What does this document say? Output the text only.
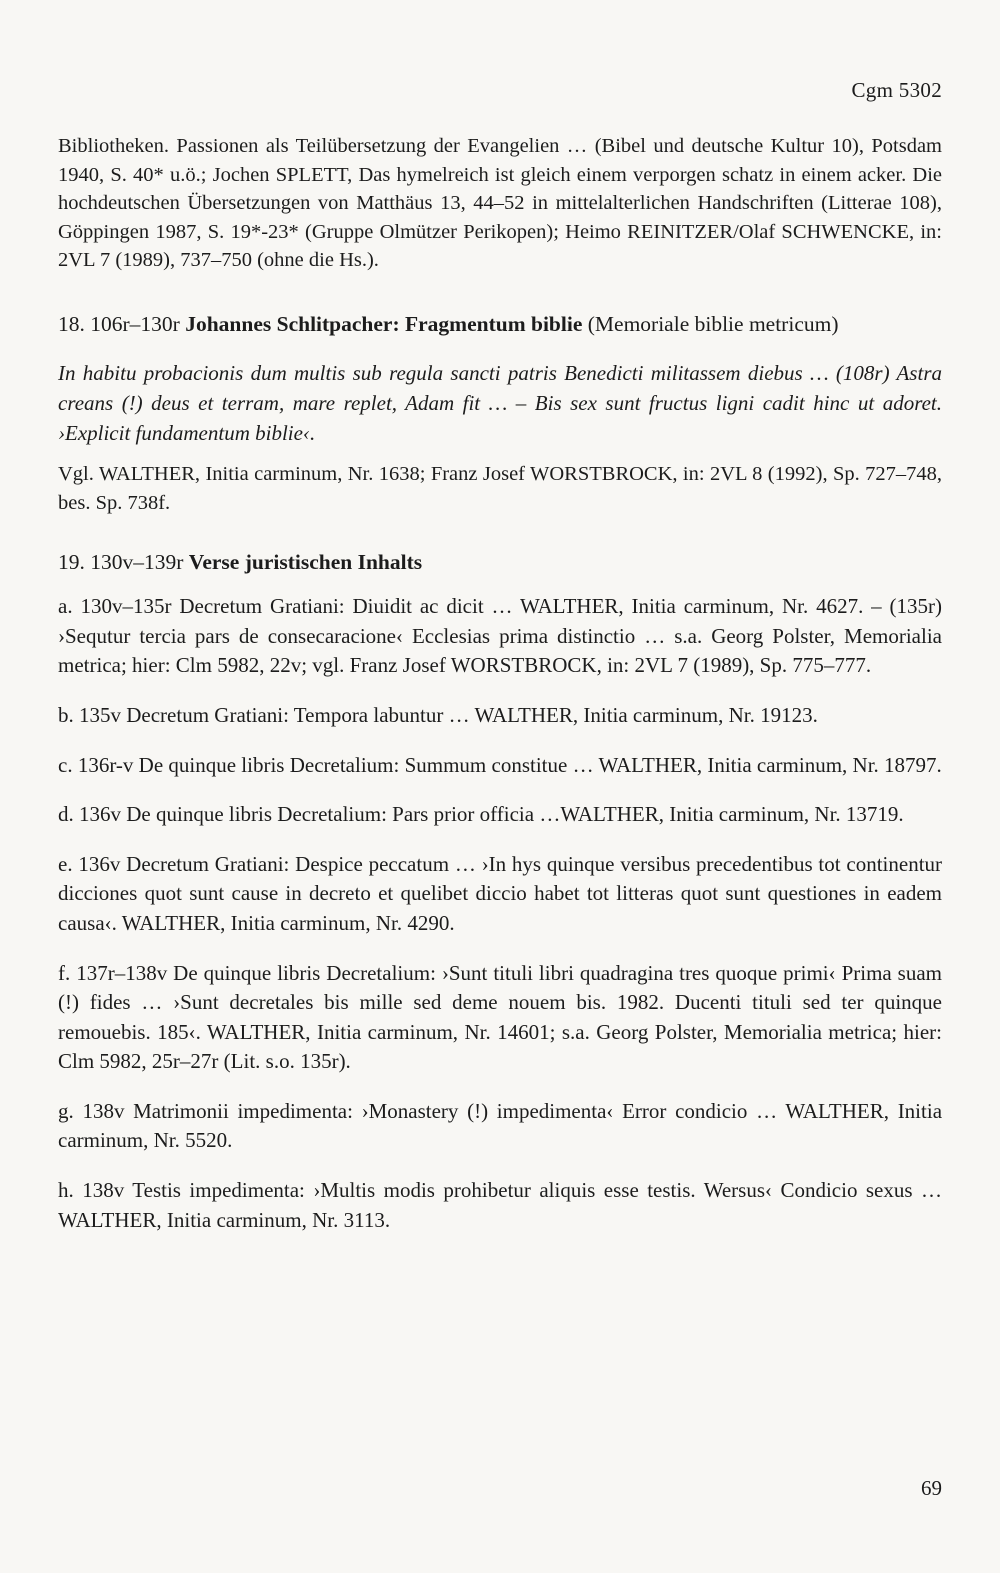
Cgm 5302

Bibliotheken. Passionen als Teilübersetzung der Evangelien … (Bibel und deutsche Kultur 10), Potsdam 1940, S. 40* u.ö.; Jochen SPLETT, Das hymelreich ist gleich einem verporgen schatz in einem acker. Die hochdeutschen Übersetzungen von Matthäus 13, 44–52 in mittelalterlichen Handschriften (Litterae 108), Göppingen 1987, S. 19*-23* (Gruppe Olmützer Perikopen); Heimo REINITZER/Olaf SCHWENCKE, in: 2VL 7 (1989), 737–750 (ohne die Hs.).

18. 106r–130r Johannes Schlitpacher: Fragmentum biblie (Memoriale biblie metricum)

In habitu probacionis dum multis sub regula sancti patris Benedicti militassem diebus … (108r) Astra creans (!) deus et terram, mare replet, Adam fit … – Bis sex sunt fructus ligni cadit hinc ut adoret. ›Explicit fundamentum biblie‹.

Vgl. WALTHER, Initia carminum, Nr. 1638; Franz Josef WORSTBROCK, in: 2VL 8 (1992), Sp. 727–748, bes. Sp. 738f.

19. 130v–139r Verse juristischen Inhalts

a. 130v–135r Decretum Gratiani: Diuidit ac dicit … WALTHER, Initia carminum, Nr. 4627. – (135r) ›Sequtur tercia pars de consecaracione‹ Ecclesias prima distinctio … s.a. Georg Polster, Memorialia metrica; hier: Clm 5982, 22v; vgl. Franz Josef WORSTBROCK, in: 2VL 7 (1989), Sp. 775–777.

b. 135v Decretum Gratiani: Tempora labuntur … WALTHER, Initia carminum, Nr. 19123.

c. 136r-v De quinque libris Decretalium: Summum constitue … WALTHER, Initia carminum, Nr. 18797.

d. 136v De quinque libris Decretalium: Pars prior officia …WALTHER, Initia carminum, Nr. 13719.

e. 136v Decretum Gratiani: Despice peccatum … ›In hys quinque versibus precedentibus tot continentur dicciones quot sunt cause in decreto et quelibet diccio habet tot litteras quot sunt questiones in eadem causa‹. WALTHER, Initia carminum, Nr. 4290.

f. 137r–138v De quinque libris Decretalium: ›Sunt tituli libri quadragina tres quoque primi‹ Prima suam (!) fides … ›Sunt decretales bis mille sed deme nouem bis. 1982. Ducenti tituli sed ter quinque remouebis. 185‹. WALTHER, Initia carminum, Nr. 14601; s.a. Georg Polster, Memorialia metrica; hier: Clm 5982, 25r–27r (Lit. s.o. 135r).

g. 138v Matrimonii impedimenta: ›Monastery (!) impedimenta‹ Error condicio … WALTHER, Initia carminum, Nr. 5520.

h. 138v Testis impedimenta: ›Multis modis prohibetur aliquis esse testis. Wersus‹ Condicio sexus … WALTHER, Initia carminum, Nr. 3113.

69
